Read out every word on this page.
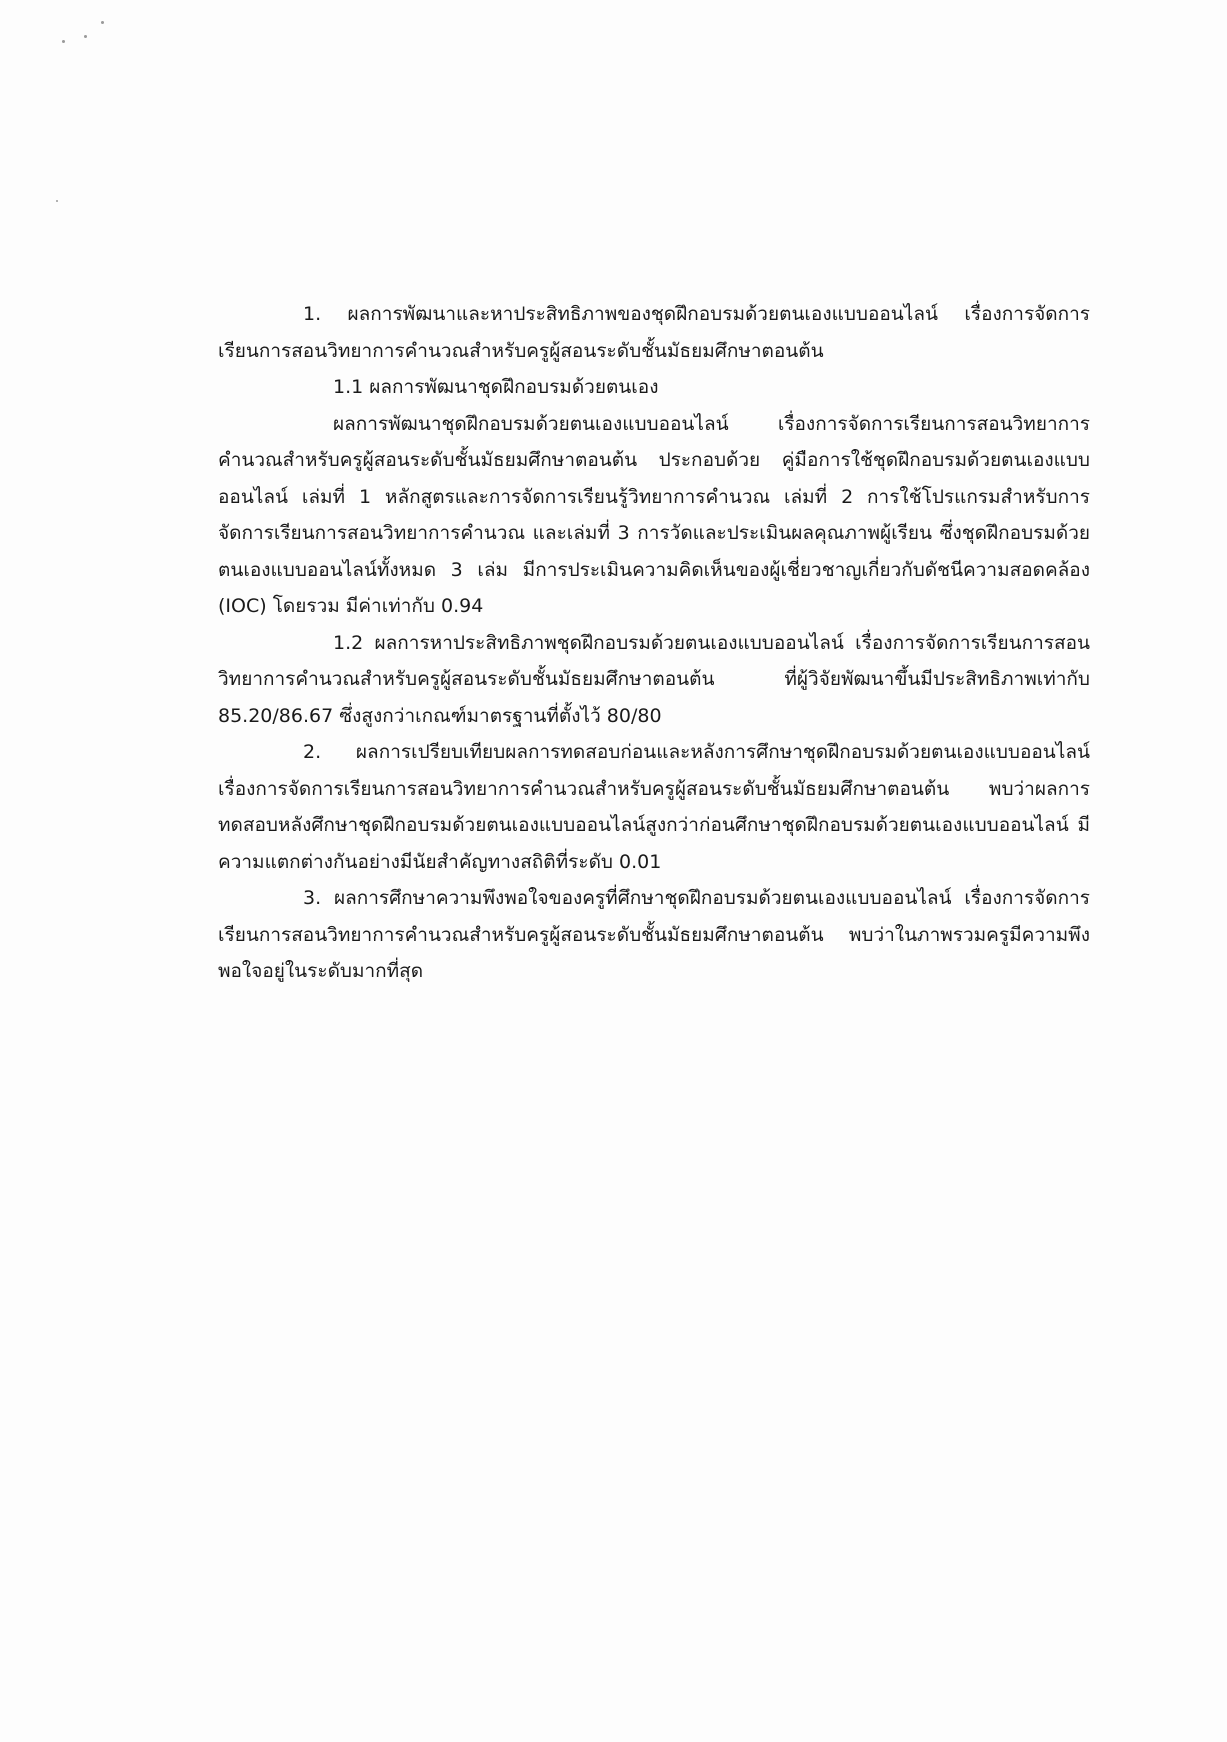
1. ผลการพัฒนาและหาประสิทธิภาพของชุดฝึกอบรมด้วยตนเองแบบออนไลน์ เรื่องการจัดการเรียนการสอนวิทยาการคำนวณสำหรับครูผู้สอนระดับชั้นมัธยมศึกษาตอนต้น

1.1 ผลการพัฒนาชุดฝึกอบรมด้วยตนเอง

ผลการพัฒนาชุดฝึกอบรมด้วยตนเองแบบออนไลน์ เรื่องการจัดการเรียนการสอนวิทยาการคำนวณสำหรับครูผู้สอนระดับชั้นมัธยมศึกษาตอนต้น ประกอบด้วย คู่มือการใช้ชุดฝึกอบรมด้วยตนเองแบบออนไลน์ เล่มที่ 1 หลักสูตรและการจัดการเรียนรู้วิทยาการคำนวณ เล่มที่ 2 การใช้โปรแกรมสำหรับการจัดการเรียนการสอนวิทยาการคำนวณ และเล่มที่ 3 การวัดและประเมินผลคุณภาพผู้เรียน ซึ่งชุดฝึกอบรมด้วยตนเองแบบออนไลน์ทั้งหมด 3 เล่ม มีการประเมินความคิดเห็นของผู้เชี่ยวชาญเกี่ยวกับดัชนีความสอดคล้อง (IOC) โดยรวม มีค่าเท่ากับ 0.94

1.2 ผลการหาประสิทธิภาพชุดฝึกอบรมด้วยตนเองแบบออนไลน์ เรื่องการจัดการเรียนการสอนวิทยาการคำนวณสำหรับครูผู้สอนระดับชั้นมัธยมศึกษาตอนต้น ที่ผู้วิจัยพัฒนาขึ้นมีประสิทธิภาพเท่ากับ 85.20/86.67 ซึ่งสูงกว่าเกณฑ์มาตรฐานที่ตั้งไว้ 80/80

2. ผลการเปรียบเทียบผลการทดสอบก่อนและหลังการศึกษาชุดฝึกอบรมด้วยตนเองแบบออนไลน์ เรื่องการจัดการเรียนการสอนวิทยาการคำนวณสำหรับครูผู้สอนระดับชั้นมัธยมศึกษาตอนต้น พบว่าผลการทดสอบหลังศึกษาชุดฝึกอบรมด้วยตนเองแบบออนไลน์สูงกว่าก่อนศึกษาชุดฝึกอบรมด้วยตนเองแบบออนไลน์ มีความแตกต่างกันอย่างมีนัยสำคัญทางสถิติที่ระดับ 0.01

3. ผลการศึกษาความพึงพอใจของครูที่ศึกษาชุดฝึกอบรมด้วยตนเองแบบออนไลน์ เรื่องการจัดการเรียนการสอนวิทยาการคำนวณสำหรับครูผู้สอนระดับชั้นมัธยมศึกษาตอนต้น พบว่าในภาพรวมครูมีความพึงพอใจอยู่ในระดับมากที่สุด
